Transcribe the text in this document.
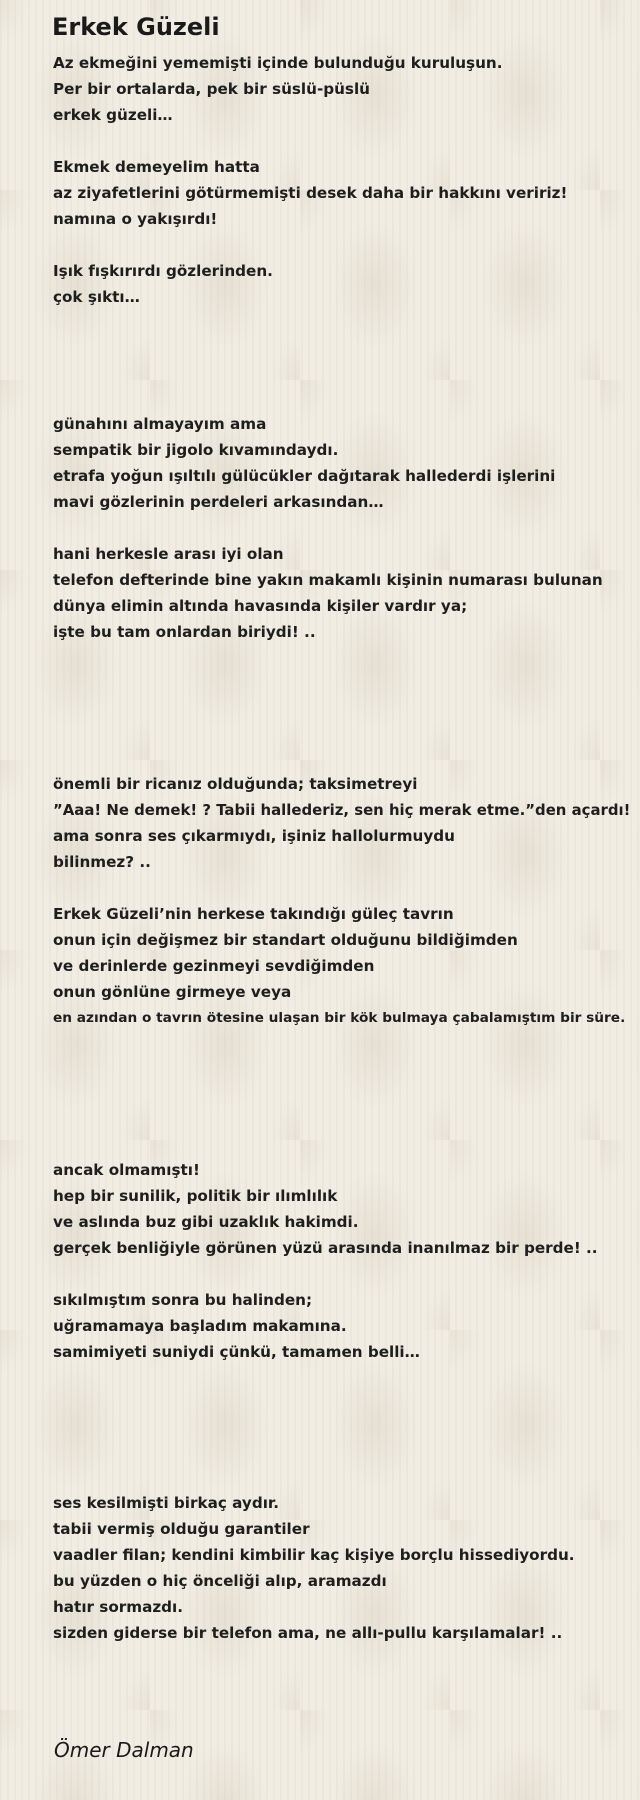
Erkek Güzeli
Az ekmeğini yememişti içinde bulunduğu kuruluşun.
Per bir ortalarda, pek bir süslü-püslü
erkek güzeli…
Ekmek demeyelim hatta
az ziyafetlerini götürmemişti desek daha bir hakkını veririz!
namına o yakışırdı!
Işık fışkırırdı gözlerinden.
çok şıktı…
günahını almayayım ama
sempatik bir jigolo kıvamındaydı.
etrafa yoğun ışıltılı gülücükler dağıtarak hallederdi işlerini
mavi gözlerinin perdeleri arkasından…
hani herkesle arası iyi olan
telefon defterinde bine yakın makamlı kişinin numarası bulunan
dünya elimin altında havasında kişiler vardır ya;
işte bu tam onlardan biriydi! ..
önemli bir ricanız olduğunda; taksimetreyi
”Aaa! Ne demek! ? Tabii hallederiz, sen hiç merak etme.”den açardı!
ama sonra ses çıkarmıydı, işiniz hallolurmuydu
bilinmez? ..
Erkek Güzeli’nin herkese takındığı güleç tavrın
onun için değişmez bir standart olduğunu bildiğimden
ve derinlerde gezinmeyi sevdiğimden
onun gönlüne girmeye veya
en azından o tavrın ötesine ulaşan bir kök bulmaya çabalamıştım bir süre.
ancak olmamıştı!
hep bir sunilik, politik bir ılımlılık
ve aslında buz gibi uzaklık hakimdi.
gerçek benliğiyle görünen yüzü arasında inanılmaz bir perde! ..
sıkılmıştım sonra bu halinden;
uğramamaya başladım makamına.
samimiyeti suniydi çünkü, tamamen belli…
ses kesilmişti birkaç aydır.
tabii vermiş olduğu garantiler
vaadler filan; kendini kimbilir kaç kişiye borçlu hissediyordu.
bu yüzden o hiç önceliği alıp, aramazdı
hatır sormazdı.
sizden giderse bir telefon ama, ne allı-pullu karşılamalar! ..
Ömer Dalman
